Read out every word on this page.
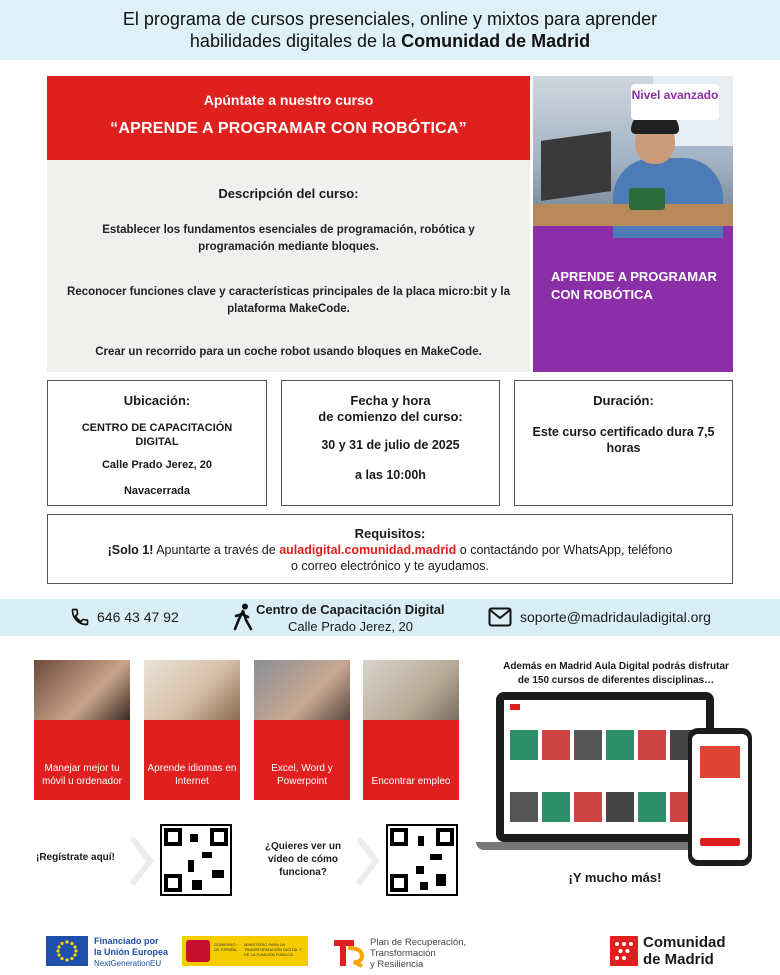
El programa de cursos presenciales, online y mixtos para aprender
habilidades digitales de la Comunidad de Madrid
Apúntate a nuestro curso
“APRENDE A PROGRAMAR CON ROBÓTICA”
Descripción del curso:
Establecer los fundamentos esenciales de programación, robótica y programación mediante bloques.
Reconocer funciones clave y características principales de la placa micro:bit y la plataforma MakeCode.
Crear un recorrido para un coche robot usando bloques en MakeCode.
Nivel avanzado
APRENDE A PROGRAMAR CON ROBÓTICA
Ubicación:
CENTRO DE CAPACITACIÓN DIGITAL
Calle Prado Jerez, 20
Navacerrada
Fecha y hora
de comienzo del curso:
30 y 31 de julio de 2025
a las 10:00h
Duración:
Este curso certificado dura 7,5 horas
Requisitos:
¡Solo 1! Apuntarte a través de auladigital.comunidad.madrid o contactándo por WhatsApp, teléfono
o correo electrónico y te ayudamos.
646 43 47 92	Centro de Capacitación Digital
Calle Prado Jerez, 20
soporte@madridauladigital.org
Manejar mejor tu móvil u ordenador
Aprende idiomas en Internet
Excel, Word y Powerpoint	Encontrar empleo
Además en Madrid Aula Digital podrás disfrutar
de 150 cursos de diferentes disciplinas…
¡Y mucho más!
¡Regístrate aquí!
¿Quieres ver un vídeo de cómo funciona?
Financiado por
la Unión Europea
NextGenerationEU
GOBIERNO DE ESPAÑA
MINISTERIO PARA LA TRANSFORMACIÓN DIGITAL Y DE LA FUNCIÓN PÚBLICA
Plan de Recuperación,
Transformación
y Resiliencia
Comunidad
de Madrid
